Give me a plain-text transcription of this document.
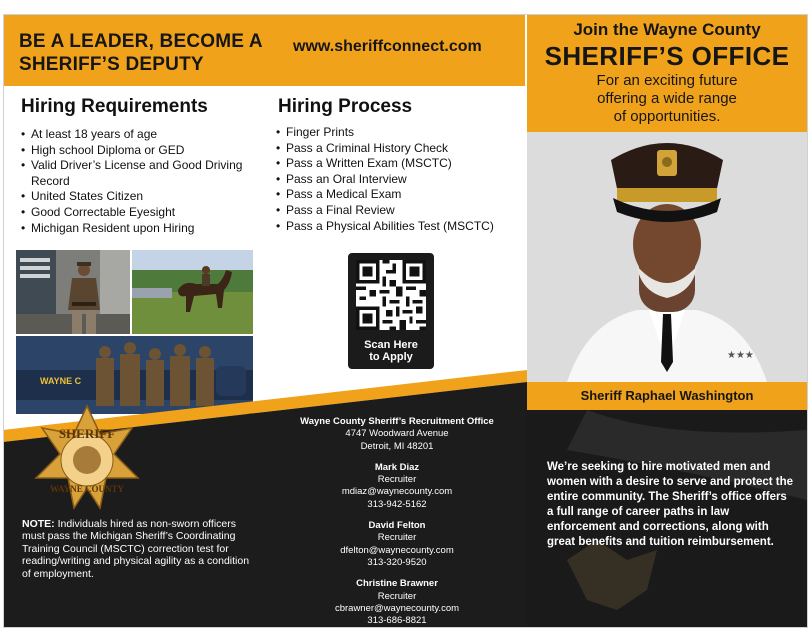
BE A LEADER, BECOME A
SHERIFF’S DEPUTY
www.sheriffconnect.com
Join the Wayne County
SHERIFF’S OFFICE
For an exciting future
offering a wide range
of opportunities.
Hiring Requirements
• At least 18 years of age
• High school Diploma or GED
• Valid Driver’s License and Good Driving Record
• United States Citizen
• Good Correctable Eyesight
• Michigan Resident upon Hiring
Hiring Process
• Finger Prints
• Pass a Criminal History Check
• Pass a Written Exam (MSCTC)
• Pass an Oral Interview
• Pass a Medical Exam
• Pass a Final Review
• Pass a Physical Abilities Test (MSCTC)
WAYNE C
Scan Here
to Apply	★★★
SHERIFF
WAYNE COUNTY
NOTE: Individuals hired as non-sworn officers must pass the Michigan Sheriff’s Coordinating Training Council (MSCTC) correction test for reading/writing and physical agility as a condition of employment.
Wayne County Sheriff’s Recruitment Office
4747 Woodward Avenue
Detroit, MI 48201
Mark Diaz
Recruiter
mdiaz@waynecounty.com
313-942-5162
David Felton
Recruiter
dfelton@waynecounty.com
313-320-9520
Christine Brawner
Recruiter
cbrawner@waynecounty.com
313-686-8821
Sheriff Raphael Washington
We’re seeking to hire motivated men and women with a desire to serve and protect the entire community. The Sheriff’s office offers a full range of career paths in law enforcement and corrections, along with great benefits and tuition reimbursement.
